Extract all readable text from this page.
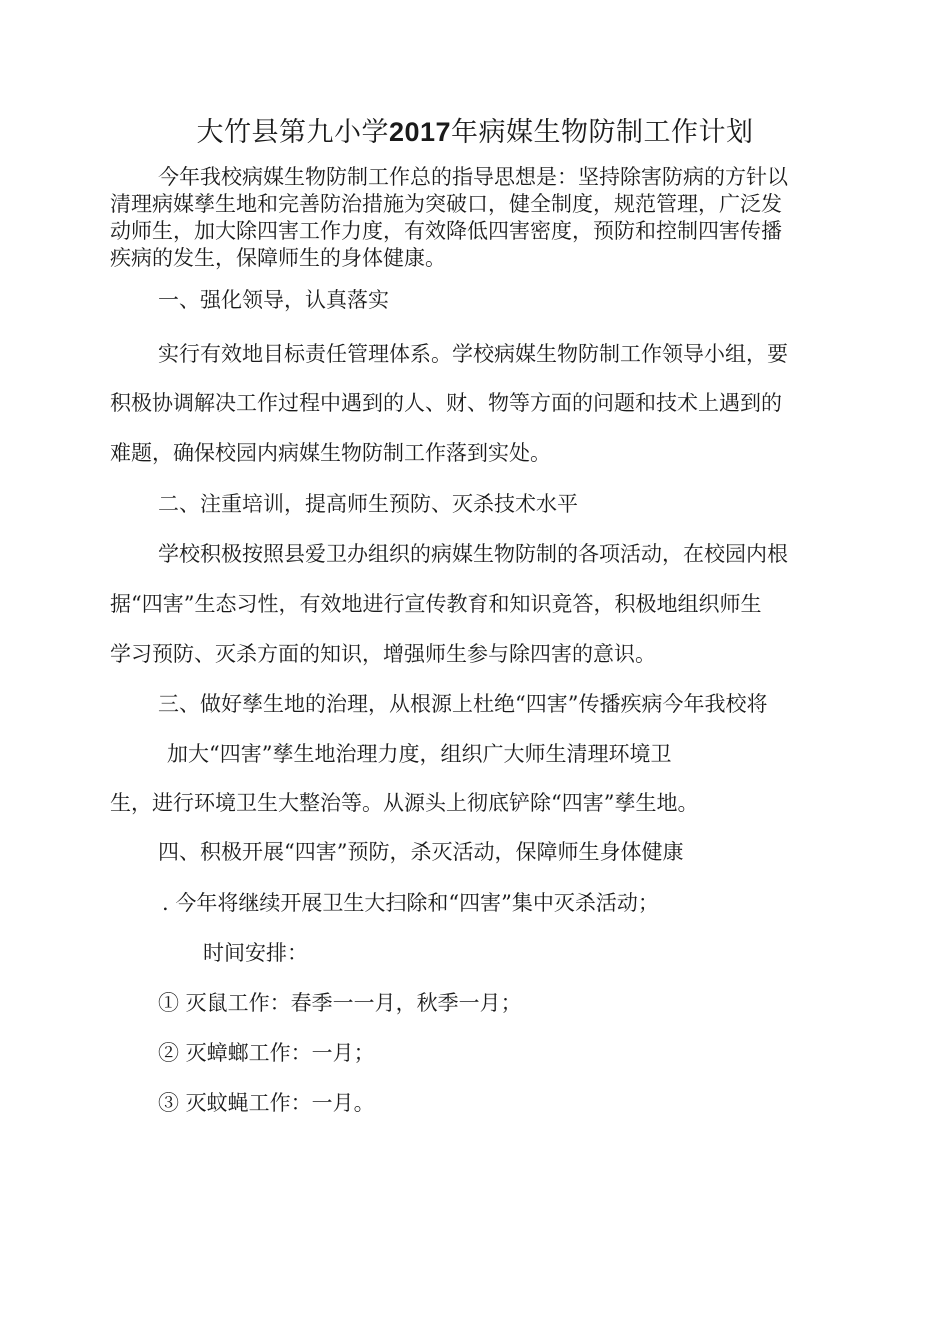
大竹县第九小学2017年病媒生物防制工作计划
今年我校病媒生物防制工作总的指导思想是：坚持除害防病的方针以
清理病媒孳生地和完善防治措施为突破口，健全制度，规范管理，广泛发
动师生，加大除四害工作力度，有效降低四害密度，预防和控制四害传播
疾病的发生，保障师生的身体健康。
一、强化领导，认真落实
实行有效地目标责任管理体系。学校病媒生物防制工作领导小组，要
积极协调解决工作过程中遇到的人、财、物等方面的问题和技术上遇到的
难题，确保校园内病媒生物防制工作落到实处。
二、注重培训，提高师生预防、灭杀技术水平
学校积极按照县爱卫办组织的病媒生物防制的各项活动，在校园内根
据“四害”生态习性，有效地进行宣传教育和知识竟答，积极地组织师生
学习预防、灭杀方面的知识，增强师生参与除四害的意识。
三、做好孳生地的治理，从根源上杜绝“四害”传播疾病今年我校将
加大“四害”孳生地治理力度，组织广大师生清理环境卫
生，进行环境卫生大整治等。从源头上彻底铲除“四害”孳生地。
四、积极开展“四害”预防，杀灭活动，保障师生身体健康
. 今年将继续开展卫生大扫除和“四害”集中灭杀活动；
时间安排：
① 灭鼠工作：春季一一月，秋季一月；
② 灭蟑螂工作：一月；
③ 灭蚊蝇工作：一月。
